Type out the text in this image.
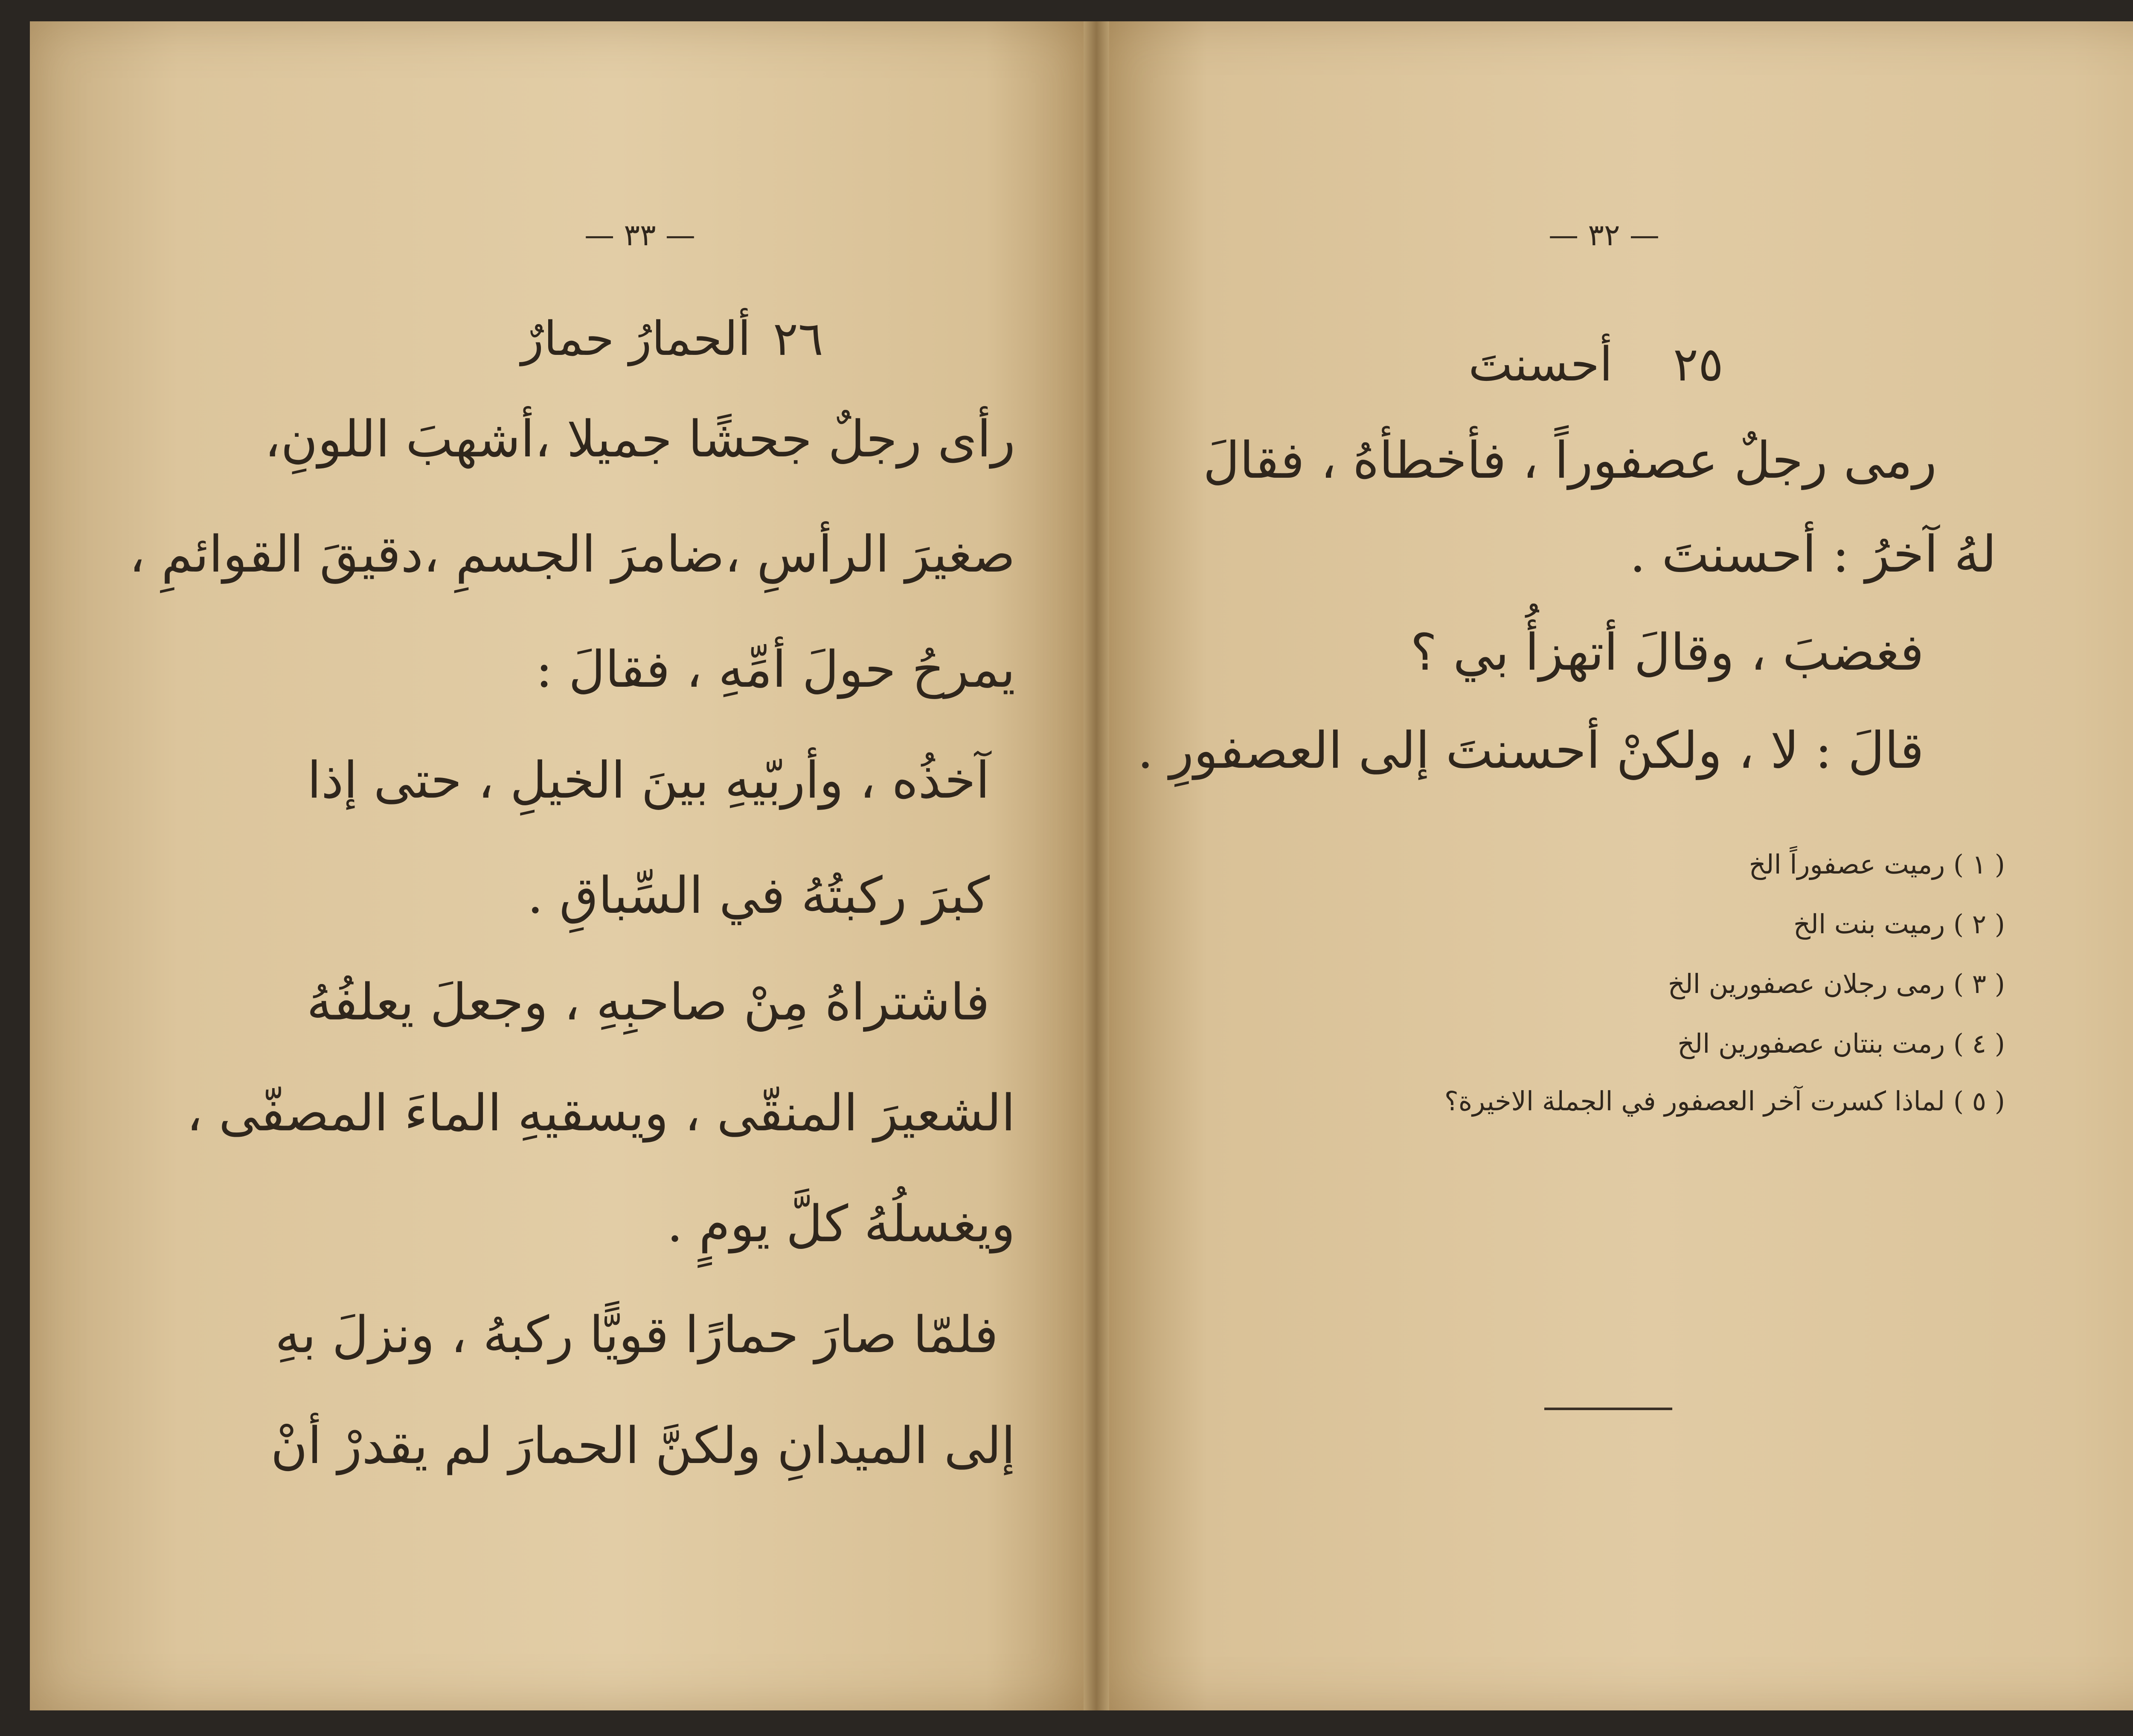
— ٣٣ —
ألحمارُ حمارٌ ٢٦
رأى رجلٌ جحشًا جميلا ،أشهبَ اللونِ،
صغيرَ الرأسِ ،ضامرَ الجسمِ ،دقيقَ القوائمِ ،
يمرحُ حولَ أمِّهِ ، فقالَ :
آخذُه ، وأربّيهِ بينَ الخيلِ ، حتى إذا
كبرَ ركبتُهُ في السِّباقِ .
فاشتراهُ مِنْ صاحبِهِ ، وجعلَ يعلفُهُ
الشعيرَ المنقّى ، ويسقيهِ الماءَ المصفّى ،
ويغسلُهُ كلَّ يومٍ .
فلمّا صارَ حمارًا قويًّا ركبهُ ، ونزلَ بهِ
إلى الميدانِ ولكنَّ الحمارَ لم يقدرْ أنْ
— ٣٢ —
أحسنتَ	٢٥
رمى رجلٌ عصفوراً ، فأخطأهُ ، فقالَ
لهُ آخرُ : أحسنتَ .
فغضبَ ، وقالَ أتهزأُ بي ؟
قالَ : لا ، ولكنْ أحسنتَ إلى العصفورِ .
( ١ ) رميت عصفوراً الخ
( ٢ ) رميت بنت الخ
( ٣ ) رمى رجلان عصفورين الخ
( ٤ ) رمت بنتان عصفورين الخ
( ٥ ) لماذا كسرت آخر العصفور في الجملة الاخيرة؟
